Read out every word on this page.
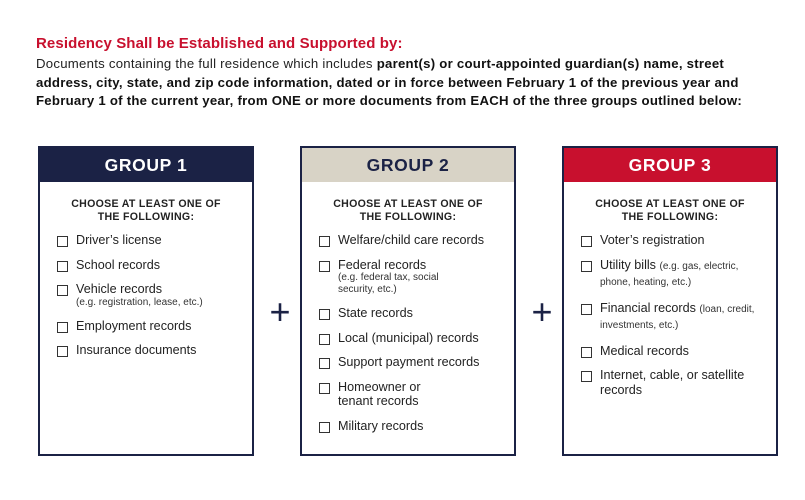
Residency Shall be Established and Supported by:

Documents containing the full residence which includes parent(s) or court-appointed guardian(s) name, street address, city, state, and zip code information, dated or in force between February 1 of the previous year and February 1 of the current year, from ONE or more documents from EACH of the three groups outlined below:

GROUP 1
CHOOSE AT LEAST ONE OF THE FOLLOWING:
Driver’s license
School records
Vehicle records
(e.g. registration, lease, etc.)
Employment records
Insurance documents
+
GROUP 2
CHOOSE AT LEAST ONE OF THE FOLLOWING:
Welfare/child care records
Federal records
(e.g. federal tax, social security, etc.)
State records
Local (municipal) records
Support payment records
Homeowner or tenant records
Military records
+
GROUP 3
CHOOSE AT LEAST ONE OF THE FOLLOWING:
Voter’s registration
Utility bills (e.g. gas, electric, phone, heating, etc.)
Financial records (loan, credit, investments, etc.)
Medical records
Internet, cable, or satellite records
